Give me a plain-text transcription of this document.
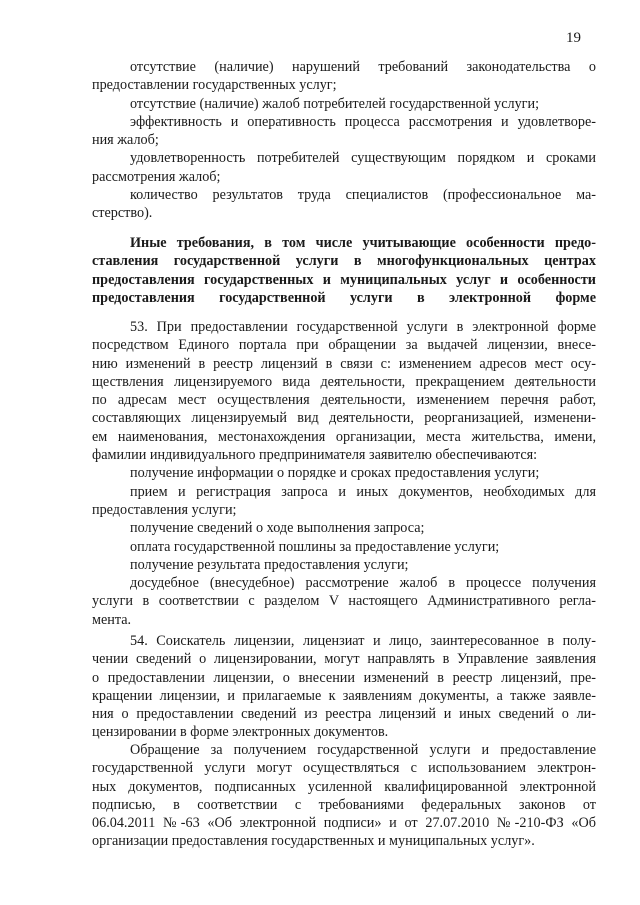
19
отсутствие (наличие) нарушений требований законодательства о
предоставлении государственных услуг;
отсутствие (наличие) жалоб потребителей государственной услуги;
эффективность и оперативность процесса рассмотрения и удовлетворе-
ния жалоб;
удовлетворенность потребителей существующим порядком и сроками
рассмотрения жалоб;
количество результатов труда специалистов (профессиональное ма-
стерство).
Иные требования, в том числе учитывающие особенности предо-
ставления государственной услуги в многофункциональных центрах
предоставления государственных и муниципальных услуг и особенности
предоставления государственной услуги в электронной форме
53. При предоставлении государственной услуги в электронной форме
посредством Единого портала при обращении за выдачей лицензии, внесе-
нию изменений в реестр лицензий в связи с: изменением адресов мест осу-
ществления лицензируемого вида деятельности, прекращением деятельности
по адресам мест осуществления деятельности, изменением перечня работ,
составляющих лицензируемый вид деятельности, реорганизацией, изменени-
ем наименования, местонахождения организации, места жительства, имени,
фамилии индивидуального предпринимателя заявителю обеспечиваются:
получение информации о порядке и сроках предоставления услуги;
прием и регистрация запроса и иных документов, необходимых для
предоставления услуги;
получение сведений о ходе выполнения запроса;
оплата государственной пошлины за предоставление услуги;
получение результата предоставления услуги;
досудебное (внесудебное) рассмотрение жалоб в процессе получения
услуги в соответствии с разделом V настоящего Административного регла-
мента.
54. Соискатель лицензии, лицензиат и лицо, заинтересованное в полу-
чении сведений о лицензировании, могут направлять в Управление заявления
о предоставлении лицензии, о внесении изменений в реестр лицензий, пре-
кращении лицензии, и прилагаемые к заявлениям документы, а также заявле-
ния о предоставлении сведений из реестра лицензий и иных сведений о ли-
цензировании в форме электронных документов.
Обращение за получением государственной услуги и предоставление
государственной услуги могут осуществляться с использованием электрон-
ных документов, подписанных усиленной квалифицированной электронной
подписью, в соответствии с требованиями федеральных законов от
06.04.2011 №-63 «Об электронной подписи» и от 27.07.2010 №-210-ФЗ «Об
организации предоставления государственных и муниципальных услуг».
